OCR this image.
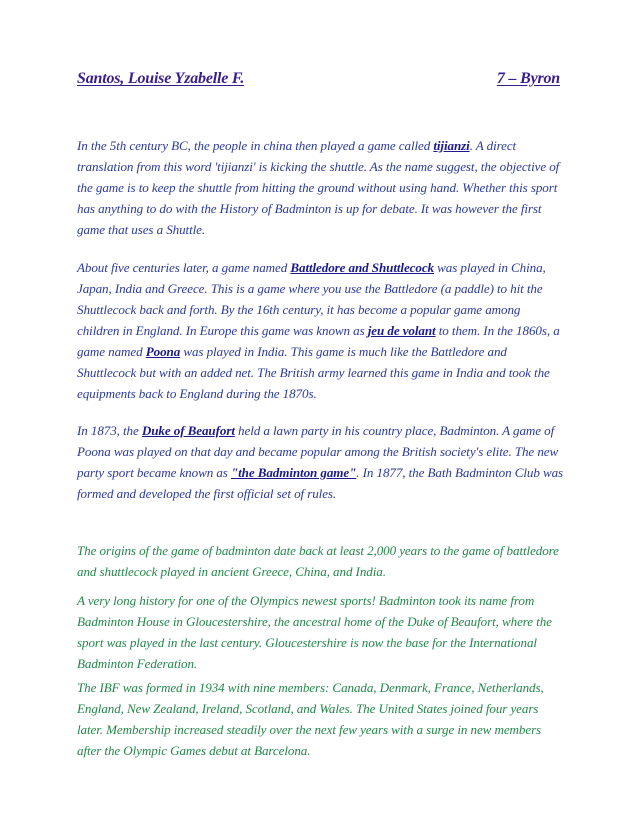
Santos, Louise Yzabelle F.	7 – Byron

In the 5th century BC, the people in china then played a game called tijianzi. A direct translation from this word 'tijianzi' is kicking the shuttle. As the name suggest, the objective of the game is to keep the shuttle from hitting the ground without using hand. Whether this sport has anything to do with the History of Badminton is up for debate. It was however the first game that uses a Shuttle.

About five centuries later, a game named Battledore and Shuttlecock was played in China, Japan, India and Greece. This is a game where you use the Battledore (a paddle) to hit the Shuttlecock back and forth. By the 16th century, it has become a popular game among children in England. In Europe this game was known as jeu de volant to them. In the 1860s, a game named Poona was played in India. This game is much like the Battledore and Shuttlecock but with an added net. The British army learned this game in India and took the equipments back to England during the 1870s.

In 1873, the Duke of Beaufort held a lawn party in his country place, Badminton. A game of Poona was played on that day and became popular among the British society's elite. The new party sport became known as "the Badminton game". In 1877, the Bath Badminton Club was formed and developed the first official set of rules.

The origins of the game of badminton date back at least 2,000 years to the game of battledore and shuttlecock played in ancient Greece, China, and India.

A very long history for one of the Olympics newest sports! Badminton took its name from Badminton House in Gloucestershire, the ancestral home of the Duke of Beaufort, where the sport was played in the last century. Gloucestershire is now the base for the International Badminton Federation.

The IBF was formed in 1934 with nine members: Canada, Denmark, France, Netherlands, England, New Zealand, Ireland, Scotland, and Wales. The United States joined four years later. Membership increased steadily over the next few years with a surge in new members after the Olympic Games debut at Barcelona.
